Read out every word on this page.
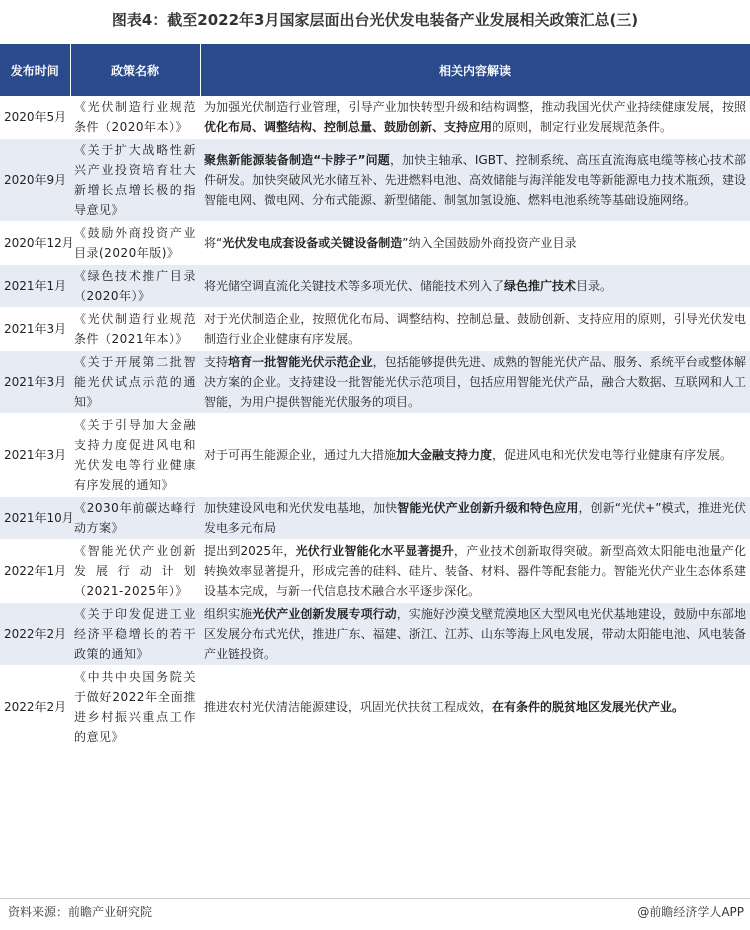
图表4：截至2022年3月国家层面出台光伏发电装备产业发展相关政策汇总(三)
发布时间	政策名称	相关内容解读
2020年5月	《光伏制造行业规范条件（2020年本）》	为加强光伏制造行业管理，引导产业加快转型升级和结构调整，推动我国光伏产业持续健康发展，按照优化布局、调整结构、控制总量、鼓励创新、支持应用的原则，制定行业发展规范条件。
2020年9月	《关于扩大战略性新兴产业投资培育壮大新增长点增长极的指导意见》	聚焦新能源装备制造“卡脖子”问题，加快主轴承、IGBT、控制系统、高压直流海底电缆等核心技术部件研发。加快突破风光水储互补、先进燃料电池、高效储能与海洋能发电等新能源电力技术瓶颈，建设智能电网、微电网、分布式能源、新型储能、制氢加氢设施、燃料电池系统等基础设施网络。
2020年12月	《鼓励外商投资产业目录(2020年版)》	将“光伏发电成套设备或关键设备制造”纳入全国鼓励外商投资产业目录
2021年1月	《绿色技术推广目录（2020年）》	将光储空调直流化关键技术等多项光伏、储能技术列入了绿色推广技术目录。
2021年3月	《光伏制造行业规范条件（2021年本）》	对于光伏制造企业，按照优化布局、调整结构、控制总量、鼓励创新、支持应用的原则，引导光伏发电制造行业企业健康有序发展。
2021年3月	《关于开展第二批智能光伏试点示范的通知》	支持培育一批智能光伏示范企业，包括能够提供先进、成熟的智能光伏产品、服务、系统平台或整体解决方案的企业。支持建设一批智能光伏示范项目，包括应用智能光伏产品，融合大数据、互联网和人工智能，为用户提供智能光伏服务的项目。
2021年3月	《关于引导加大金融支持力度促进风电和光伏发电等行业健康有序发展的通知》	对于可再生能源企业，通过九大措施加大金融支持力度，促进风电和光伏发电等行业健康有序发展。
2021年10月	《2030年前碳达峰行动方案》	加快建设风电和光伏发电基地，加快智能光伏产业创新升级和特色应用，创新“光伏+”模式，推进光伏发电多元布局
2022年1月	《智能光伏产业创新发展行动计划（2021-2025年）》	提出到2025年，光伏行业智能化水平显著提升，产业技术创新取得突破。新型高效太阳能电池量产化转换效率显著提升，形成完善的硅料、硅片、装备、材料、器件等配套能力。智能光伏产业生态体系建设基本完成，与新一代信息技术融合水平逐步深化。
2022年2月	《关于印发促进工业经济平稳增长的若干政策的通知》	组织实施光伏产业创新发展专项行动，实施好沙漠戈壁荒漠地区大型风电光伏基地建设，鼓励中东部地区发展分布式光伏，推进广东、福建、浙江、江苏、山东等海上风电发展，带动太阳能电池、风电装备产业链投资。
2022年2月	《中共中央国务院关于做好2022年全面推进乡村振兴重点工作的意见》	推进农村光伏清洁能源建设，巩固光伏扶贫工程成效，在有条件的脱贫地区发展光伏产业。
资料来源：前瞻产业研究院	@前瞻经济学人APP
